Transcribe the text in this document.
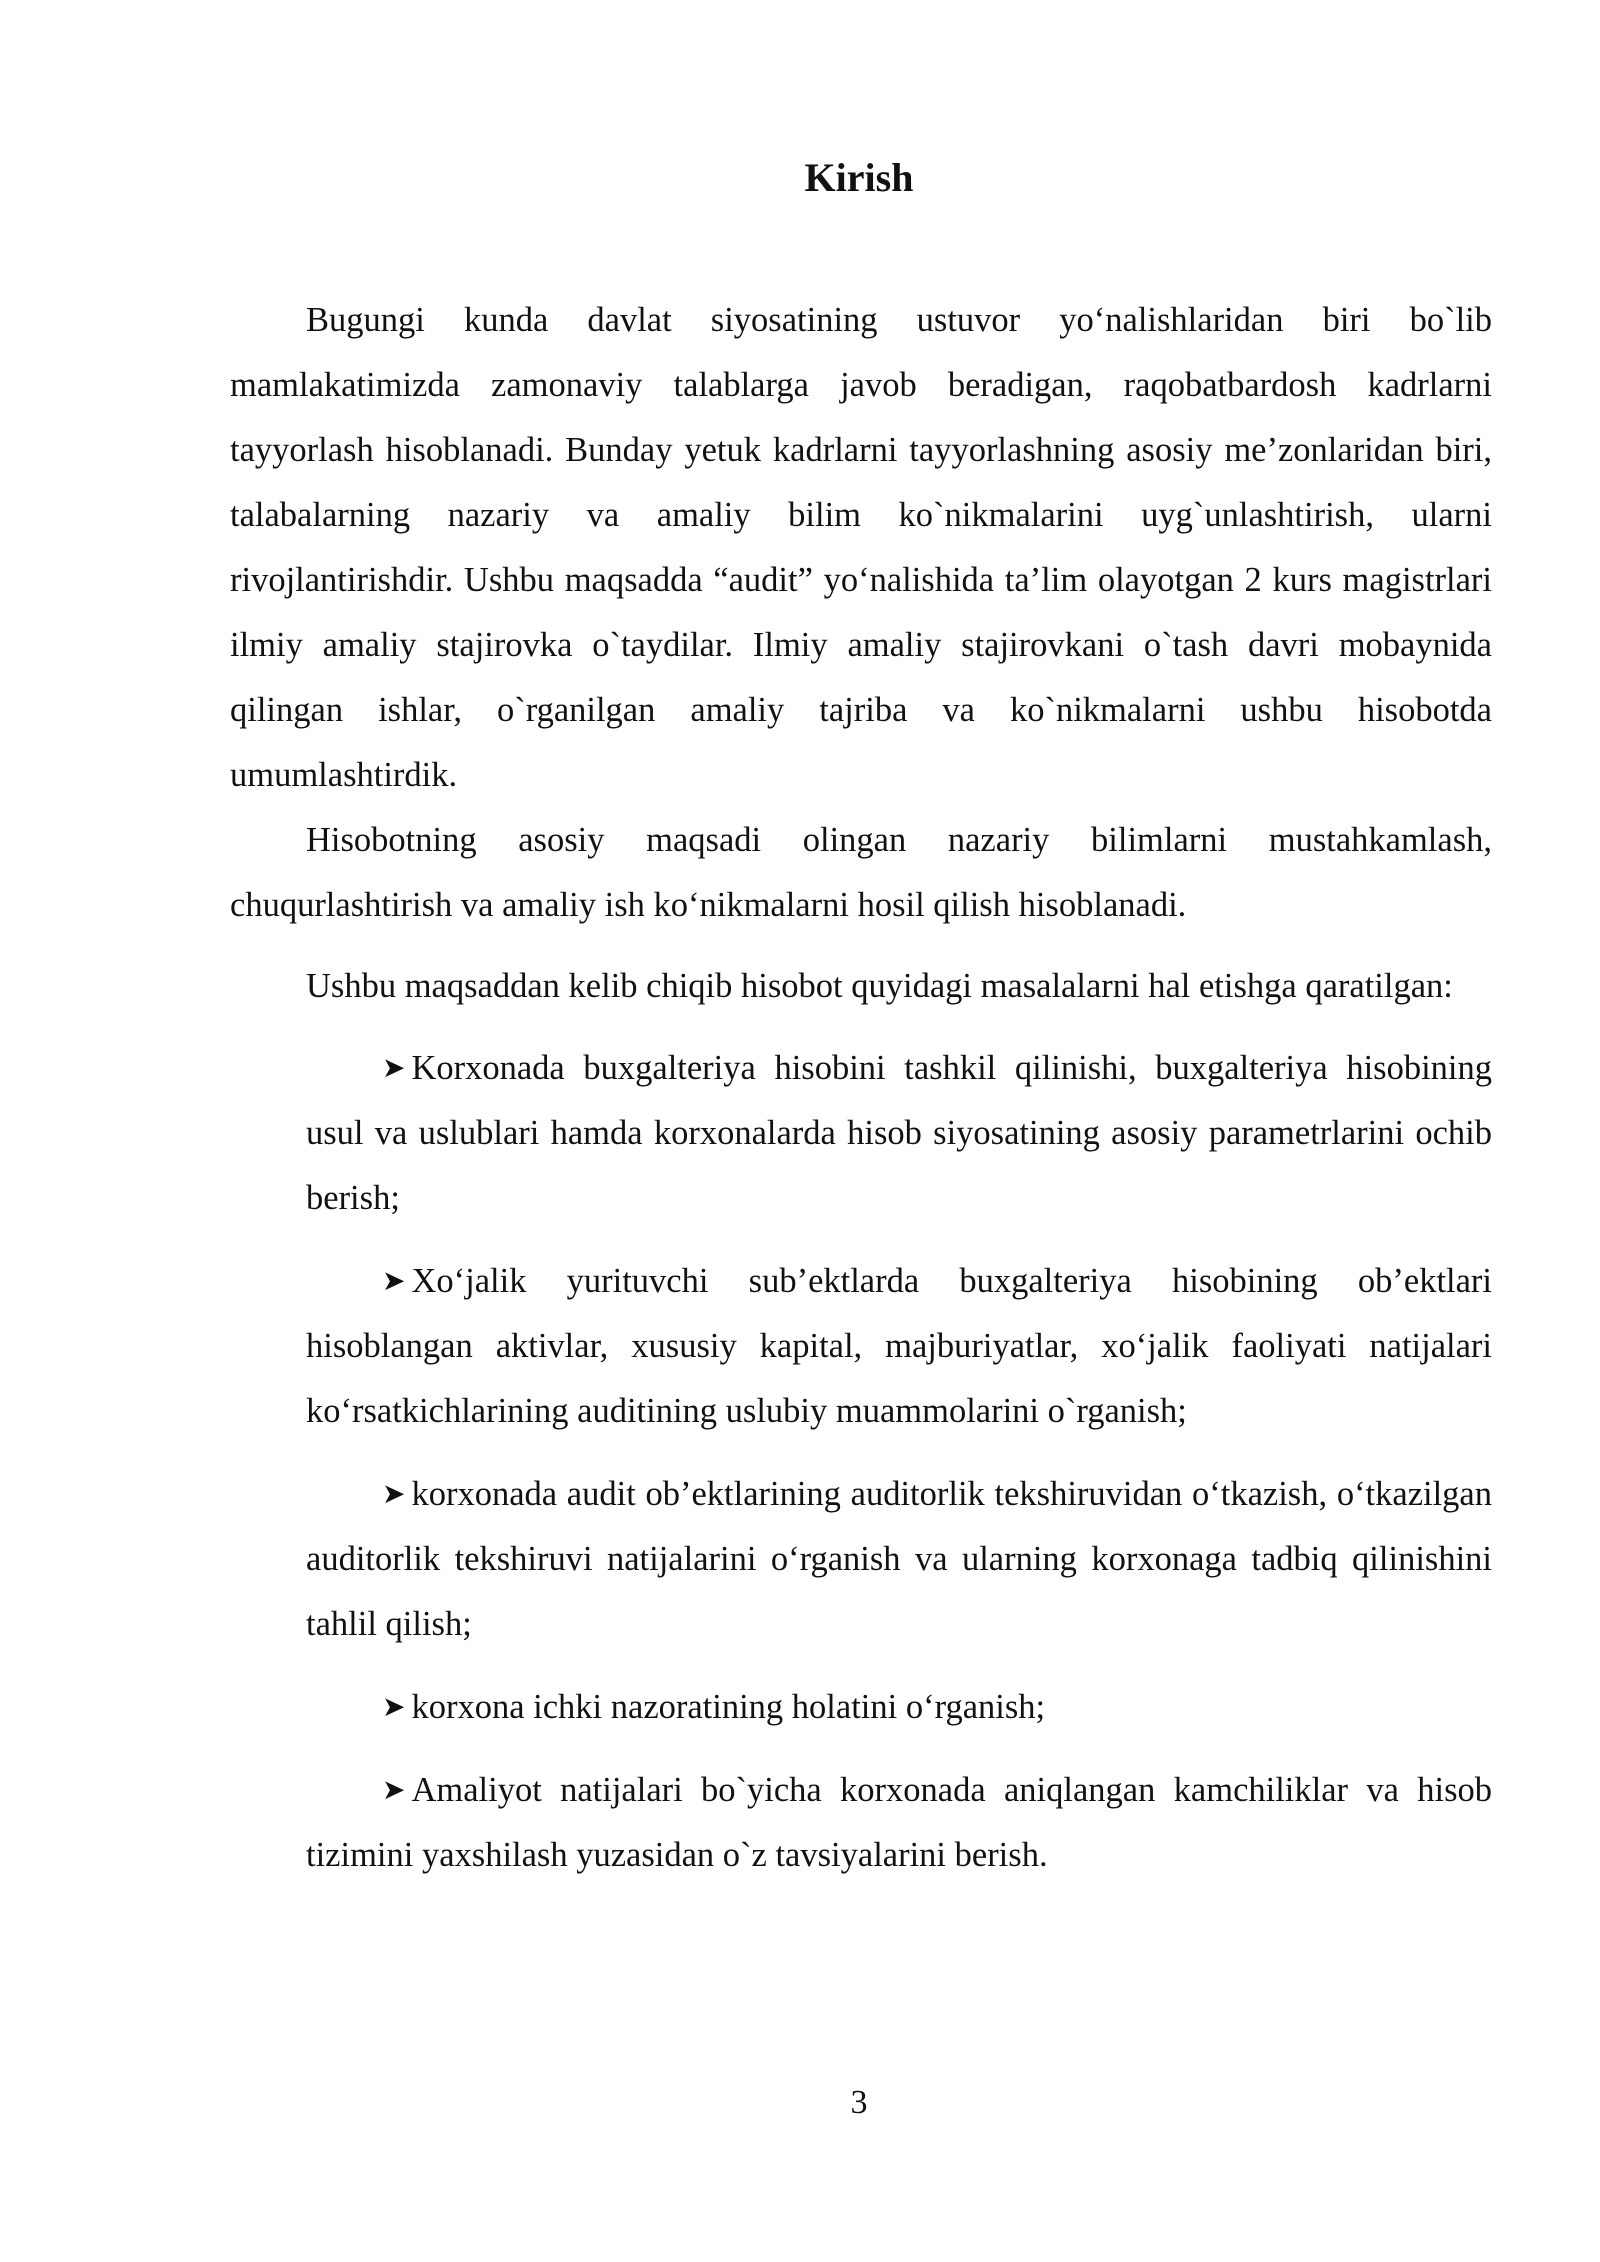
Kirish

Bugungi kunda davlat siyosatining ustuvor yo‘nalishlaridan biri bo`lib mamlakatimizda zamonaviy talablarga javob beradigan, raqobatbardosh kadrlarni tayyorlash hisoblanadi. Bunday yetuk kadrlarni tayyorlashning asosiy me’zonlaridan biri, talabalarning nazariy va amaliy bilim ko`nikmalarini uyg`unlashtirish, ularni rivojlantirishdir. Ushbu maqsadda “audit” yo‘nalishida ta’lim olayotgan 2 kurs magistrlari ilmiy amaliy stajirovka o`taydilar. Ilmiy amaliy stajirovkani o`tash davri mobaynida qilingan ishlar, o`rganilgan amaliy tajriba va ko`nikmalarni ushbu hisobotda umumlashtirdik.

Hisobotning asosiy maqsadi olingan nazariy bilimlarni mustahkamlash, chuqurlashtirish va amaliy ish ko‘nikmalarni hosil qilish hisoblanadi.

Ushbu maqsaddan kelib chiqib hisobot quyidagi masalalarni hal etishga qaratilgan:

➤ Korxonada buxgalteriya hisobini tashkil qilinishi, buxgalteriya hisobining usul va uslublari hamda korxonalarda hisob siyosatining asosiy parametrlarini ochib berish;
➤ Xo‘jalik yurituvchi sub’ektlarda buxgalteriya hisobining ob’ektlari hisoblangan aktivlar, xususiy kapital, majburiyatlar, xo‘jalik faoliyati natijalari ko‘rsatkichlarining auditining uslubiy muammolarini o`rganish;
➤ korxonada audit ob’ektlarining auditorlik tekshiruvidan o‘tkazish, o‘tkazilgan auditorlik tekshiruvi natijalarini o‘rganish va ularning korxonaga tadbiq qilinishini tahlil qilish;
➤ korxona ichki nazoratining holatini o‘rganish;
➤ Amaliyot natijalari bo`yicha korxonada aniqlangan kamchiliklar va hisob tizimini yaxshilash yuzasidan o`z tavsiyalarini berish.
3
